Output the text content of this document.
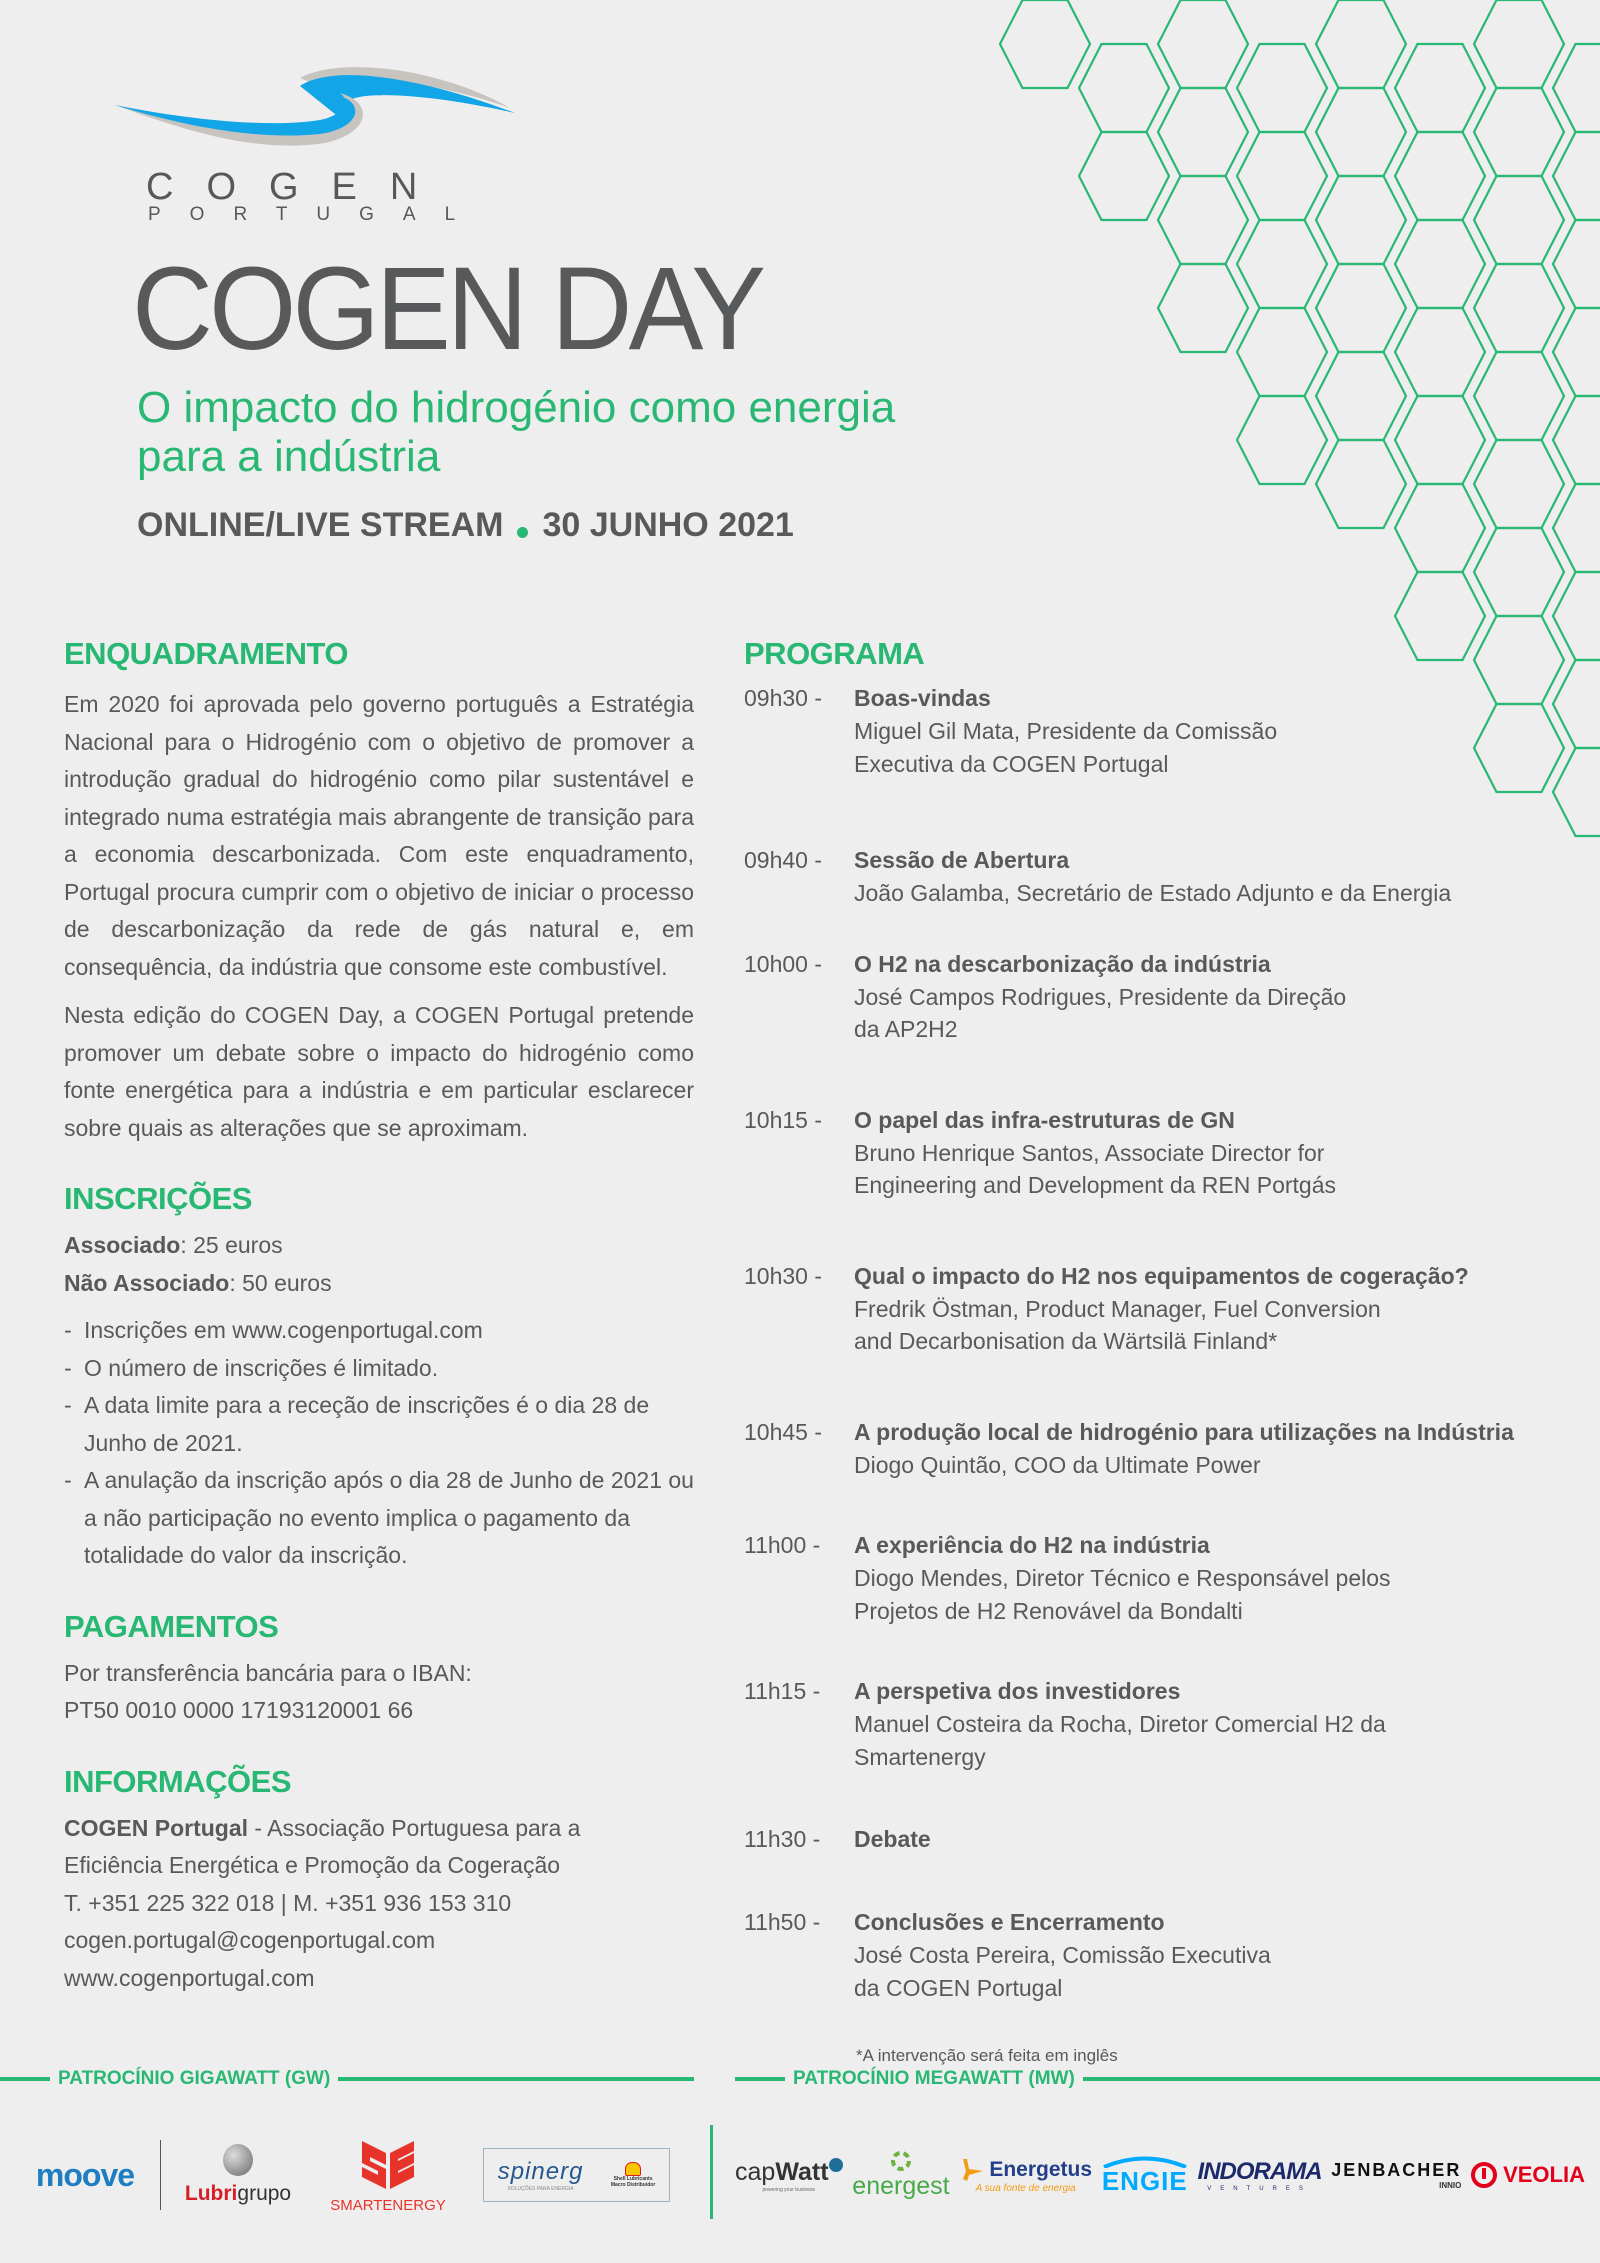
COGEN
PORTUGAL
COGEN DAY
O impacto do hidrogénio como energia
para a indústria
ONLINE/LIVE STREAM 30 JUNHO 2021
ENQUADRAMENTO

Em 2020 foi aprovada pelo governo português a Estratégia Nacional para o Hidrogénio com o objetivo de promover a introdução gradual do hidrogénio como pilar sustentável e integrado numa estratégia mais abrangente de transição para a economia descarbonizada. Com este enquadramento, Portugal procura cumprir com o objetivo de iniciar o processo de descarbonização da rede de gás natural e, em consequência, da indústria que consome este combustível.

Nesta edição do COGEN Day, a COGEN Portugal pretende promover um debate sobre o impacto do hidrogénio como fonte energética para a indústria e em particular esclarecer sobre quais as alterações que se aproximam.

INSCRIÇÕES
Associado: 25 euros
Não Associado: 50 euros
- Inscrições em www.cogenportugal.com
- O número de inscrições é limitado.
- A data limite para a receção de inscrições é o dia 28 de Junho de 2021.
- A anulação da inscrição após o dia 28 de Junho de 2021 ou a não participação no evento implica o pagamento da totalidade do valor da inscrição.
PAGAMENTOS
Por transferência bancária para o IBAN:
PT50 0010 0000 17193120001 66
INFORMAÇÕES
COGEN Portugal - Associação Portuguesa para a Eficiência Energética e Promoção da Cogeração
T. +351 225 322 018 | M. +351 936 153 310
cogen.portugal@cogenportugal.com
www.cogenportugal.com
PROGRAMA
09h30 -	Boas-vindas
Miguel Gil Mata, Presidente da Comissão
Executiva da COGEN Portugal
09h40 -	Sessão de Abertura
João Galamba, Secretário de Estado Adjunto e da Energia
10h00 -	O H2 na descarbonização da indústria
José Campos Rodrigues, Presidente da Direção
da AP2H2
10h15 -	O papel das infra-estruturas de GN
Bruno Henrique Santos, Associate Director for
Engineering and Development da REN Portgás
10h30 -	Qual o impacto do H2 nos equipamentos de cogeração?
Fredrik Östman, Product Manager, Fuel Conversion
and Decarbonisation da Wärtsilä Finland*
10h45 -	A produção local de hidrogénio para utilizações na Indústria
Diogo Quintão, COO da Ultimate Power
11h00 -	A experiência do H2 na indústria
Diogo Mendes, Diretor Técnico e Responsável pelos
Projetos de H2 Renovável da Bondalti
11h15 -	A perspetiva dos investidores
Manuel Costeira da Rocha, Diretor Comercial H2 da
Smartenergy
11h30 -	Debate
11h50 -	Conclusões e Encerramento
José Costa Pereira, Comissão Executiva
da COGEN Portugal
*A intervenção será feita em inglês
PATROCÍNIO GIGAWATT (GW)
moove
Lubrigrupo	SMARTENERGY
spinerg
SOLUÇÕES PARA ENERGIA
Shell Lubricants
Macro Distribuidor
PATROCÍNIO MEGAWATT (MW)
capWatt
powering your business energest
Energetus
A sua fonte de energia ENGIE INDORAMA
VENTURES
JENBACHER
INNIO VEOLIA
